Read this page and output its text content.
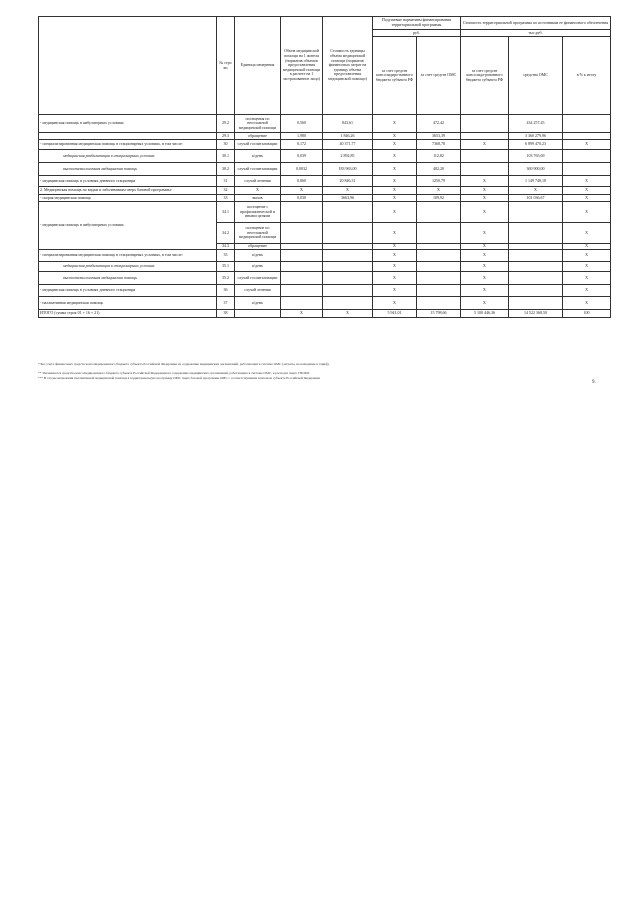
	№ стро ки	Единица измерения	Объем медицинской помощи на 1 жителя (норматив объемов предоставления медицинской помощи в расчете на 1 застрахованное лицо)	Стоимость единицы объема медицинской помощи (норматив финансовых затрат на единицу объема предоставления медицинской помощи)	Подушевые нормативы финансирования территориальной программы		Стоимость территориальной программы по источникам ее финансового обеспечения		
					руб.		тыс.руб.		
					за счет средств консолидиро-ванного бюджета субъекта РФ	за счет средств ОМС	за счет средств консолида-рованного бюджета субъекта РФ	средства ОМС	в % к итогу
- медицинская помощь в амбулаторных условиях	29.2	посещения по неотложной медицинской помощи	0,560	843,61	Х	472,42		434 257,45	
	29.3	обращение	1,980	1 846,26	Х	3653,39		3 360 279,96	
- специализированная медицинская помощь в стационарных условиях, в том числе:	30	случай госпитализации	0,172	40 371,77	Х	7368,78	Х	6 899 470,23	Х
медицинская реабилитация в стационарных условиях	30.1	к/день	0,039	2 892,85	Х	112,82		103 765,69	
высокотехнологичная медицинская помощь	30.2	случай госпитализации	0,0032	183 963,00	Х	402,20		369 900,00	
- медицинская помощь в условиях дневного стационара	31	случай лечения	0,060	20 846,31	Х	1250,79	Х	1 149 748,18	Х
2. Медицинская помощь по видам и заболеваниям сверх базовой программы:	32	Х	Х	Х	Х	Х	Х	Х	Х
- скорая медицинская помощь	33	вызов	0,030	3663,96	Х	109,92	Х	101 036,67	Х
- медицинская помощь в амбулаторных условиях	34.1	посещение с профилактической и иными целями			Х		Х		Х
	34.2	посещение по неотложной медицинской помощи			Х		Х		Х
	34.3	обращение			Х		Х		Х
- специализированная медицинская помощь в стационарных условиях, в том числе:	35	к/день			Х		Х		Х
медицинская реабилитация в стационарных условиях	35.1	к/день			Х		Х		Х
высокотехнологичная медицинская помощь	35.2	случай госпитализации			Х		Х		Х
- медицинская помощь в условиях дневного стационара	36	случай лечения			Х		Х		Х
- паллиативная медицинская помощь	37	к/день			Х		Х		Х
ИТОГО (сумма строк 01 + 16 + 21)	38		Х	Х	5 941,01	15 798,66	5 100 446,36	14 522 368,50	100
* Без учета финансовых средств консолидированного бюджета субъекта Российской Федерации на содержание медицинских организаций, работающих в системе ОМС (затраты, не вошедшие в тариф).
** Указываются средства консолидированного бюджета субъекта Российской Федерации на содержание медицинских организаций, работающих в системе ОМС, в расходах сверх ТПОМС
*** В случае включения паллиативной медицинской помощи в территориальную программу ОМС сверх базовой программы ОМС с соответствующим платежом субъекта Российской Федерации
9.
